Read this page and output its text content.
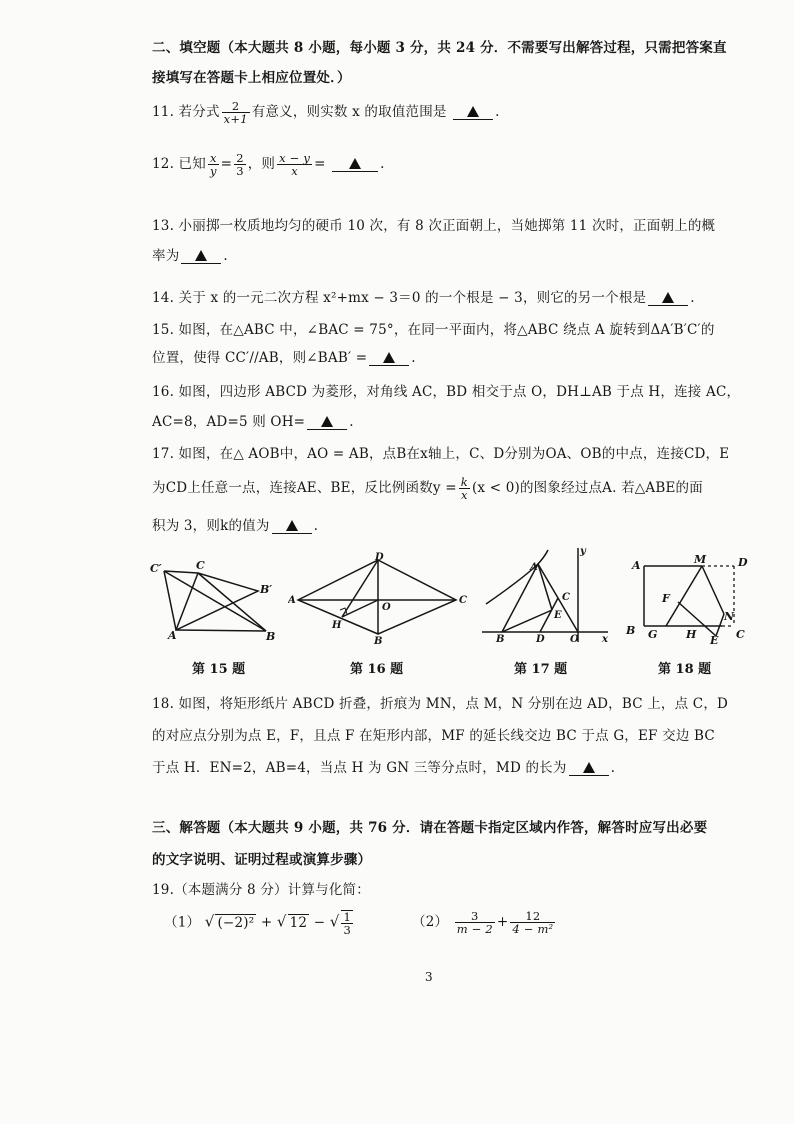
二、填空题（本大题共 8 小题，每小题 3 分，共 24 分．不需要写出解答过程，只需把答案直
接填写在答题卡上相应位置处．）
11. 若分式 $\frac{2}{x+1}$ 有意义，则实数 x 的取值范围是	.
12. 已知 $\frac{x}{y} = \frac{2}{3}$ ，则 $\frac{x - y}{x}$ =	.
13. 小丽掷一枚质地均匀的硬币 10 次，有 8 次正面朝上，当她掷第 11 次时，正面朝上的概
率为	.
14. 关于 x 的一元二次方程 x²+mx − 3＝0 的一个根是 − 3，则它的另一个根是	.
15. 如图，在△ABC 中，∠BAC = 75°，在同一平面内，将△ABC 绕点 A 旋转到ΔA′B′C′的
位置，使得 CC′//AB，则∠BAB′ =	.
16. 如图，四边形 ABCD 为菱形，对角线 AC，BD 相交于点 O，DH⊥AB 于点 H，连接 AC，
AC=8，AD=5 则 OH=	.
17. 如图，在△ AOB中，AO = AB，点B在x轴上，C、D分别为OA、OB的中点，连接CD，E
为CD上任意一点，连接AE、BE，反比例函数$y = \frac{k}{x} (x < 0)$的图象经过点A. 若△ABE的面
积为 3，则k的值为	.
C′	C
B′
A	B
第 15 题
D
A
O
C
H
B
第 16 题
y
A
C
E
B	D	O x
第 17 题
A	M	D
F
N
B G	H E C
第 18 题
18. 如图，将矩形纸片 ABCD 折叠，折痕为 MN，点 M，N 分别在边 AD，BC 上，点 C，D
的对应点分别为点 E，F，且点 F 在矩形内部，MF 的延长线交边 BC 于点 G，EF 交边 BC
于点 H．EN=2，AB=4，当点 H 为 GN 三等分点时，MD 的长为	.
三、解答题（本大题共 9 小题，共 76 分．请在答题卡指定区域内作答，解答时应写出必要
的文字说明、证明过程或演算步骤）
19.（本题满分 8 分）计算与化简：
（1） √ (−2)² + √ 12 − √ $\frac{1}{3}$	$(2) \frac{3}{m - 2} + \frac{12}{\text{4 − m²}}$
3
